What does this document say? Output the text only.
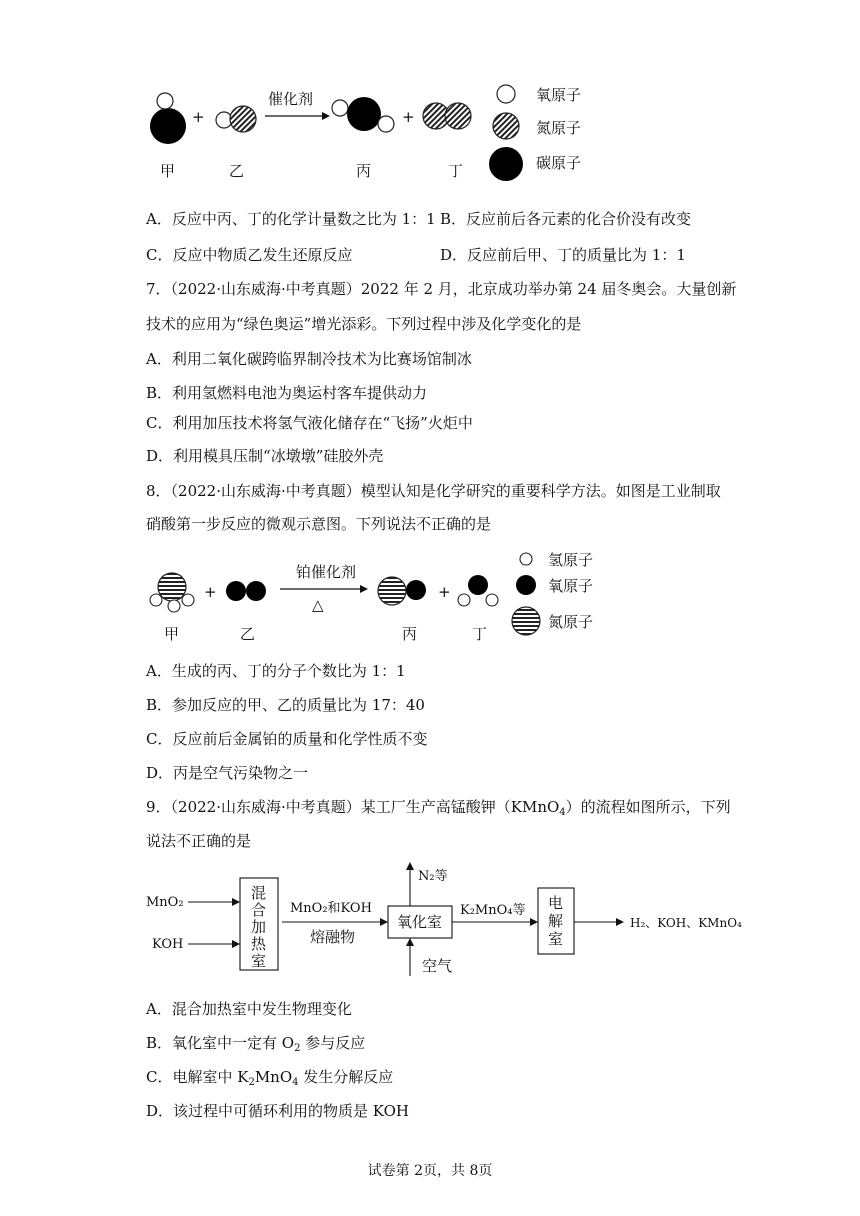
+
催化剂
+
甲	乙	丙	丁
氧原子
氮原子
碳原子
A．反应中丙、丁的化学计量数之比为 1：1 B．反应前后各元素的化合价没有改变
C．反应中物质乙发生还原反应	D．反应前后甲、丁的质量比为 1：1
7．（2022·山东威海·中考真题）2022 年 2 月，北京成功举办第 24 届冬奥会。大量创新
技术的应用为“绿色奥运”增光添彩。下列过程中涉及化学变化的是
A．利用二氧化碳跨临界制冷技术为比赛场馆制冰
B．利用氢燃料电池为奥运村客车提供动力
C．利用加压技术将氢气液化储存在“飞扬”火炬中
D．利用模具压制“冰墩墩”硅胶外壳
8．（2022·山东威海·中考真题）模型认知是化学研究的重要科学方法。如图是工业制取
硝酸第一步反应的微观示意图。下列说法不正确的是
+
铂催化剂
△
+
甲	乙	丙	丁
氢原子
氧原子
氮原子
A．生成的丙、丁的分子个数比为 1：1
B．参加反应的甲、乙的质量比为 17：40
C．反应前后金属铂的质量和化学性质不变
D．丙是空气污染物之一
9．（2022·山东威海·中考真题）某工厂生产高锰酸钾（KMnO$_4$）的流程如图所示，下列
说法不正确的是
MnO₂
KOH
混
合
加
热
室
MnO₂和KOH
熔融物
氧化室
N₂等
空气
K₂MnO₄等 电
解
室
H₂、KOH、KMnO₄
A．混合加热室中发生物理变化
B．氧化室中一定有 $O_2$ 参与反应
C．电解室中 $K_2MnO_4$ 发生分解反应
D．该过程中可循环利用的物质是 KOH
试卷第 2页，共 8页
